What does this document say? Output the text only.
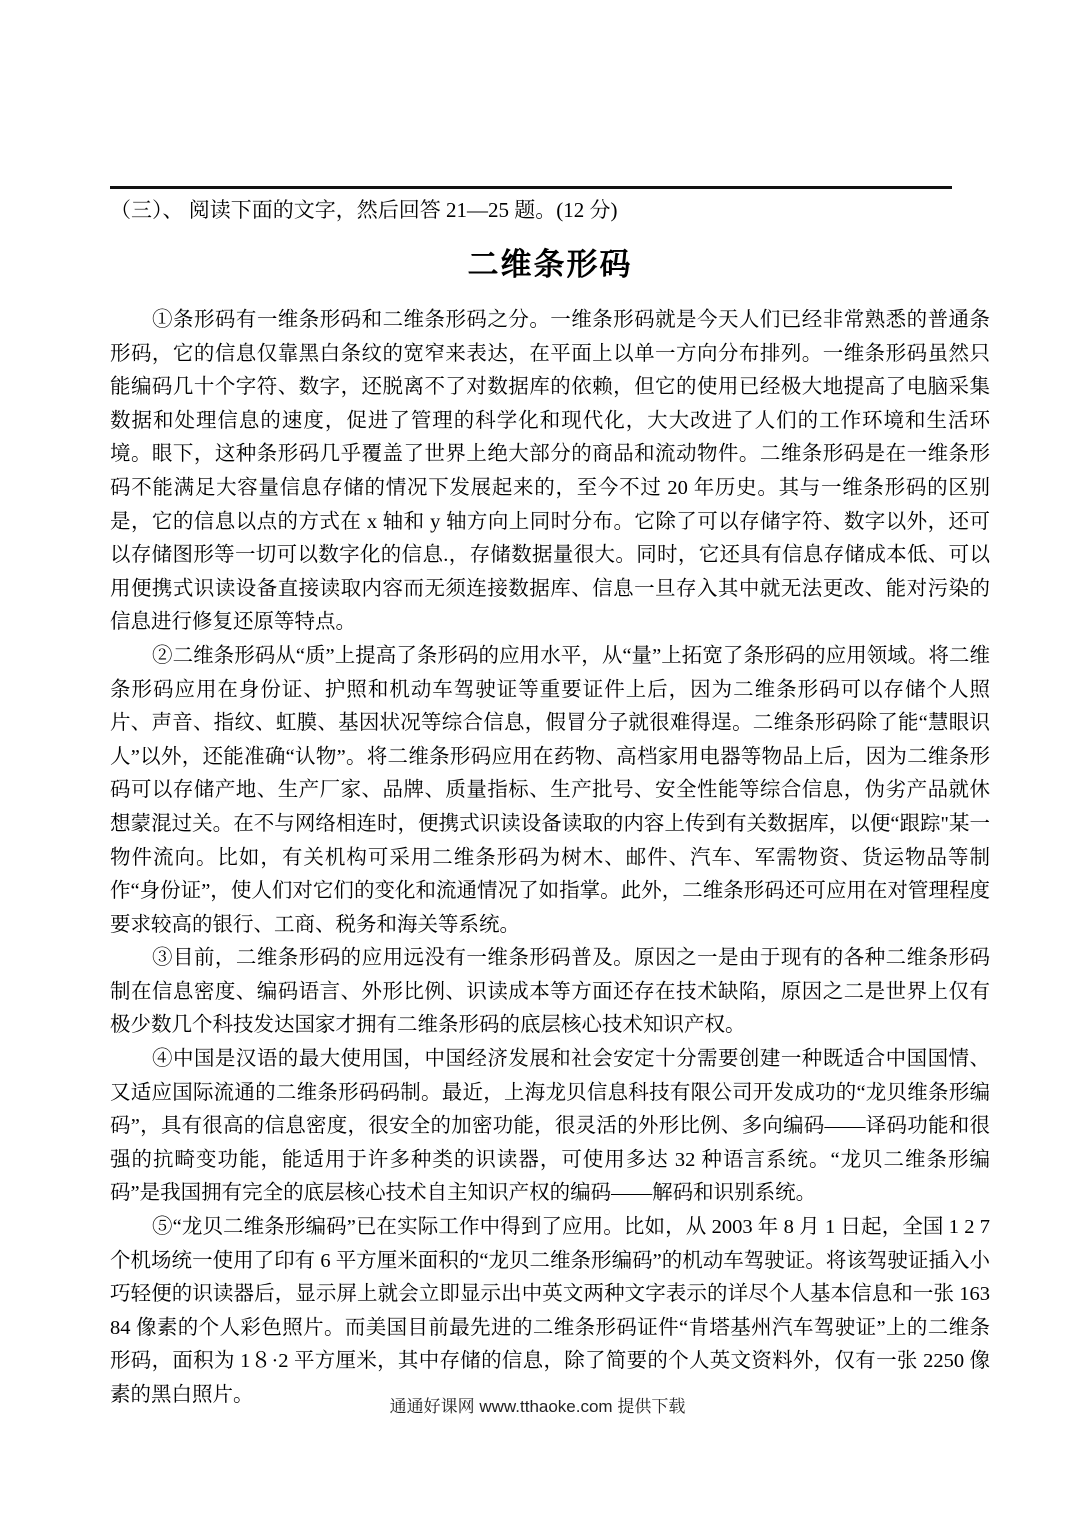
（三）、 阅读下面的文字，然后回答 21—25 题。(12 分)
二维条形码

①条形码有一维条形码和二维条形码之分。一维条形码就是今天人们已经非常熟悉的普通条形码，它的信息仅靠黑白条纹的宽窄来表达，在平面上以单一方向分布排列。一维条形码虽然只能编码几十个字符、数字，还脱离不了对数据库的依赖，但它的使用已经极大地提高了电脑采集数据和处理信息的速度，促进了管理的科学化和现代化，大大改进了人们的工作环境和生活环境。眼下，这种条形码几乎覆盖了世界上绝大部分的商品和流动物件。二维条形码是在一维条形码不能满足大容量信息存储的情况下发展起来的，至今不过 20 年历史。其与一维条形码的区别是，它的信息以点的方式在 x 轴和 y 轴方向上同时分布。它除了可以存储字符、数字以外，还可以存储图形等一切可以数字化的信息.，存储数据量很大。同时，它还具有信息存储成本低、可以用便携式识读设备直接读取内容而无须连接数据库、信息一旦存入其中就无法更改、能对污染的信息进行修复还原等特点。

②二维条形码从“质”上提高了条形码的应用水平，从“量”上拓宽了条形码的应用领域。将二维条形码应用在身份证、护照和机动车驾驶证等重要证件上后，因为二维条形码可以存储个人照片、声音、指纹、虹膜、基因状况等综合信息，假冒分子就很难得逞。二维条形码除了能“慧眼识人”以外，还能准确“认物”。将二维条形码应用在药物、高档家用电器等物品上后，因为二维条形码可以存储产地、生产厂家、品牌、质量指标、生产批号、安全性能等综合信息，伪劣产品就休想蒙混过关。在不与网络相连时，便携式识读设备读取的内容上传到有关数据库，以便“跟踪"某一物件流向。比如，有关机构可采用二维条形码为树木、邮件、汽车、军需物资、货运物品等制作“身份证”，使人们对它们的变化和流通情况了如指掌。此外，二维条形码还可应用在对管理程度要求较高的银行、工商、税务和海关等系统。

③目前，二维条形码的应用远没有一维条形码普及。原因之一是由于现有的各种二维条形码制在信息密度、编码语言、外形比例、识读成本等方面还存在技术缺陷，原因之二是世界上仅有极少数几个科技发达国家才拥有二维条形码的底层核心技术知识产权。

④中国是汉语的最大使用国，中国经济发展和社会安定十分需要创建一种既适合中国国情、又适应国际流通的二维条形码码制。最近，上海龙贝信息科技有限公司开发成功的“龙贝维条形编码”，具有很高的信息密度，很安全的加密功能，很灵活的外形比例、多向编码——译码功能和很强的抗畸变功能，能适用于许多种类的识读器，可使用多达 32 种语言系统。“龙贝二维条形编码”是我国拥有完全的底层核心技术自主知识产权的编码——解码和识别系统。

⑤“龙贝二维条形编码”已在实际工作中得到了应用。比如，从 2003 年 8 月 1 日起，全国 1 2 7 个机场统一使用了印有 6 平方厘米面积的“龙贝二维条形编码”的机动车驾驶证。将该驾驶证插入小巧轻便的识读器后，显示屏上就会立即显示出中英文两种文字表示的详尽个人基本信息和一张 16384 像素的个人彩色照片。而美国目前最先进的二维条形码证件“肯塔基州汽车驾驶证”上的二维条形码，面积为 1８·2 平方厘米，其中存储的信息，除了简要的个人英文资料外，仅有一张 2250 像素的黑白照片。

通通好课网 www.tthaoke.com 提供下载
